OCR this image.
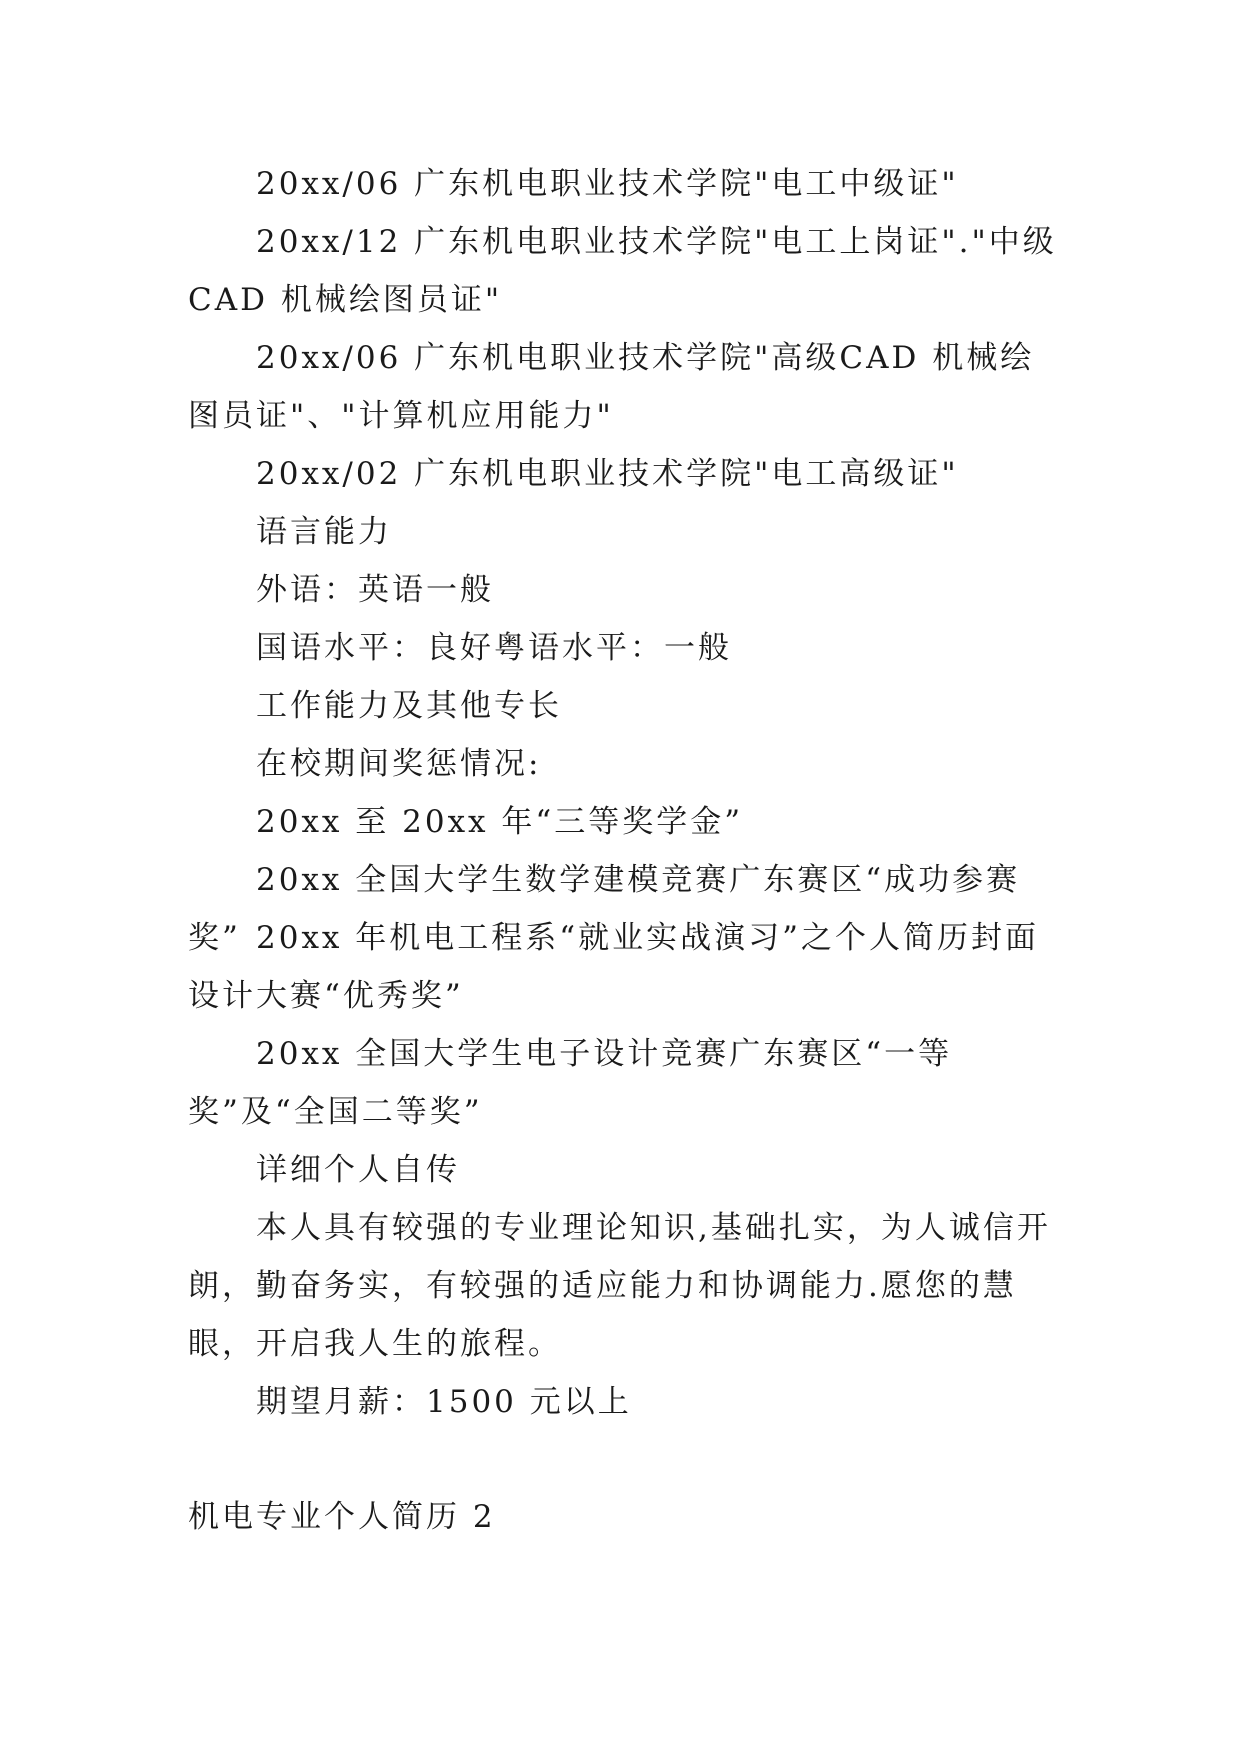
20xx/06 广东机电职业技术学院"电工中级证"

20xx/12 广东机电职业技术学院"电工上岗证"."中级CAD 机械绘图员证"

20xx/06 广东机电职业技术学院"高级CAD 机械绘图员证"、"计算机应用能力"

20xx/02 广东机电职业技术学院"电工高级证"

语言能力

外语：英语一般

国语水平：良好粤语水平：一般

工作能力及其他专长

在校期间奖惩情况:

20xx 至 20xx 年“三等奖学金”

20xx 全国大学生数学建模竞赛广东赛区“成功参赛奖” 20xx 年机电工程系“就业实战演习”之个人简历封面设计大赛“优秀奖”

20xx 全国大学生电子设计竞赛广东赛区“一等奖”及“全国二等奖”

详细个人自传

本人具有较强的专业理论知识,基础扎实，为人诚信开朗，勤奋务实，有较强的适应能力和协调能力.愿您的慧眼，开启我人生的旅程。

期望月薪：1500 元以上

机电专业个人简历 2
